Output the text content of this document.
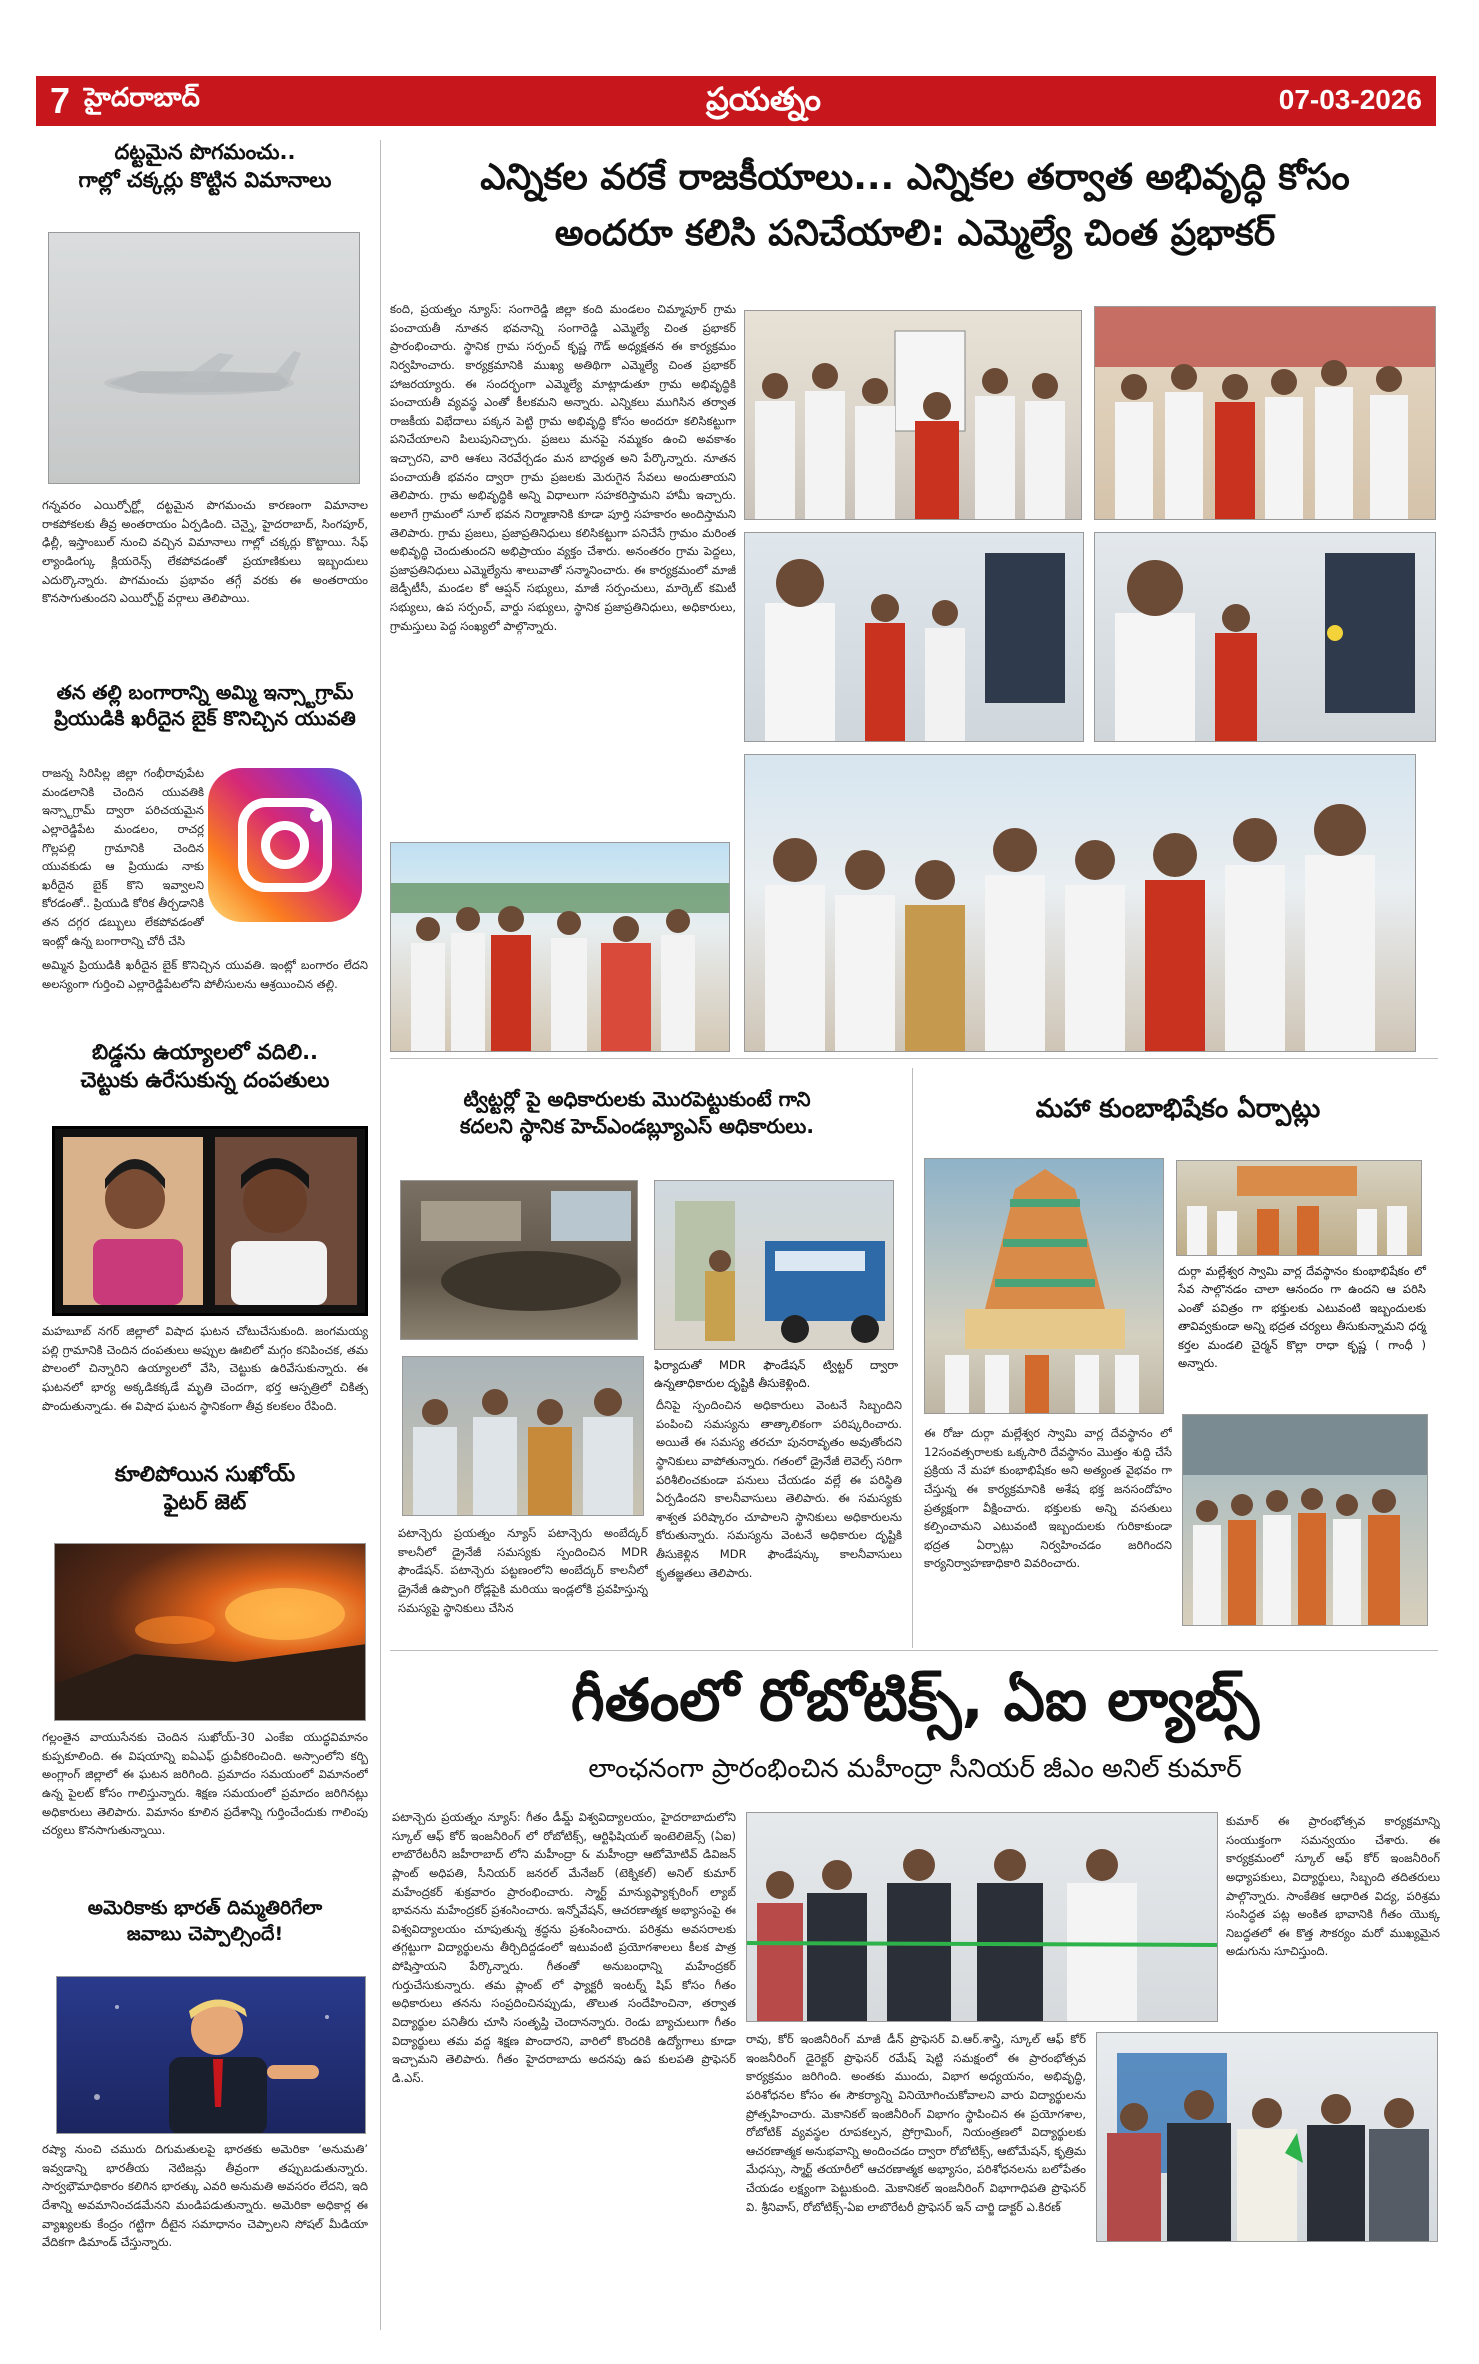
7 హైదరాబాద్	ప్రయత్నం	07-03-2026
దట్టమైన పొగమంచు..
గాల్లో చక్కర్లు కొట్టిన విమానాలు
గన్నవరం ఎయిర్పోర్ట్లో దట్టమైన పొగమంచు కారణంగా విమానాల రాకపోకలకు తీవ్ర అంతరాయం ఏర్పడింది. చెన్నై, హైదరాబాద్, సింగపూర్, ఢిల్లీ, ఇస్తాంబుల్ నుంచి వచ్చిన విమానాలు గాల్లో చక్కర్లు కొట్టాయి. సేఫ్ ల్యాండింగ్కు క్లియరెన్స్ లేకపోవడంతో ప్రయాణికులు ఇబ్బందులు ఎదుర్కొన్నారు. పొగమంచు ప్రభావం తగ్గే వరకు ఈ అంతరాయం కొనసాగుతుందని ఎయిర్పోర్ట్ వర్గాలు తెలిపాయి.
తన తల్లి బంగారాన్ని అమ్మి ఇన్స్టాగ్రామ్
ప్రియుడికి ఖరీదైన బైక్ కొనిచ్చిన యువతి
రాజన్న సిరిసిల్ల జిల్లా గంభీరావుపేట మండలానికి చెందిన యువతికి ఇన్స్టాగ్రామ్ ద్వారా పరిచయమైన ఎల్లారెడ్డిపేట మండలం, రాచర్ల గొల్లపల్లి గ్రామానికి చెందిన యువకుడు ఆ ప్రియుడు నాకు ఖరీదైన బైక్ కొని ఇవ్వాలని కోరడంతో.. ప్రియుడి కోరిక తీర్చడానికి తన దగ్గర డబ్బులు లేకపోవడంతో ఇంట్లో ఉన్న బంగారాన్ని చోరీ చేసి
అమ్మిన ప్రియుడికి ఖరీదైన బైక్ కొనిచ్చిన యువతి. ఇంట్లో బంగారం లేదని అలస్యంగా గుర్తించి ఎల్లారెడ్డిపేటలోని పోలీసులను ఆశ్రయించిన తల్లి.
బిడ్డను ఉయ్యాలలో వదిలి..
చెట్టుకు ఉరేసుకున్న దంపతులు
మహబూబ్ నగర్ జిల్లాలో విషాద ఘటన చోటుచేసుకుంది. జంగమయ్య పల్లి గ్రామానికి చెందిన దంపతులు అప్పుల ఊబిలో మగ్గం కనిపించక, తమ పొలంలో చిన్నారిని ఉయ్యాలలో వేసి, చెట్టుకు ఉరివేసుకున్నారు. ఈ ఘటనలో భార్య అక్కడికక్కడే మృతి చెందగా, భర్త ఆస్పత్రిలో చికిత్స పొందుతున్నాడు. ఈ విషాద ఘటన స్థానికంగా తీవ్ర కలకలం రేపింది.
కూలిపోయిన సుఖోయ్
ఫైటర్ జెట్
గల్లంతైన వాయుసేనకు చెందిన సుఖోయ్-30 ఎంకేఐ యుద్ధవిమానం కుప్పకూలింది. ఈ విషయాన్ని ఐఏఎఫ్ ధ్రువీకరించింది. అస్సాంలోని కర్బి అంగ్లాంగ్ జిల్లాలో ఈ ఘటన జరిగింది. ప్రమాదం సమయంలో విమానంలో ఉన్న పైలట్ కోసం గాలిస్తున్నారు. శిక్షణ సమయంలో ప్రమాదం జరిగినట్లు అధికారులు తెలిపారు. విమానం కూలిన ప్రదేశాన్ని గుర్తించేందుకు గాలింపు చర్యలు కొనసాగుతున్నాయి.
అమెరికాకు భారత్ దిమ్మతిరిగేలా
జవాబు చెప్పాల్సిందే!
రష్యా నుంచి చమురు దిగుమతులపై భారతకు అమెరికా ‘అనుమతి’ ఇవ్వడాన్ని భారతీయ నెటిజన్లు తీవ్రంగా తప్పుబడుతున్నారు. సార్వభౌమాధికారం కలిగిన భారత్కు ఎవరి అనుమతి అవసరం లేదని, ఇది దేశాన్ని అవమానించడమేనని మండిపడుతున్నారు. అమెరికా అధికార్ల ఈ వ్యాఖ్యలకు కేంద్రం గట్టిగా దీటైన సమాధానం చెప్పాలని సోషల్ మీడియా వేదికగా డిమాండ్ చేస్తున్నారు.
ఎన్నికల వరకే రాజకీయాలు... ఎన్నికల తర్వాత అభివృద్ధి కోసం
అందరూ కలిసి పనిచేయాలి: ఎమ్మెల్యే చింత ప్రభాకర్
కంది, ప్రయత్నం న్యూస్: సంగారెడ్డి జిల్లా కంది మండలం చిమ్మాపూర్ గ్రామ పంచాయతీ నూతన భవనాన్ని సంగారెడ్డి ఎమ్మెల్యే చింత ప్రభాకర్ ప్రారంభించారు. స్థానిక గ్రామ సర్పంచ్ కృష్ణ గౌడ్ అధ్యక్షతన ఈ కార్యక్రమం నిర్వహించారు. కార్యక్రమానికి ముఖ్య అతిథిగా ఎమ్మెల్యే చింత ప్రభాకర్ హాజరయ్యారు. ఈ సందర్భంగా ఎమ్మెల్యే మాట్లాడుతూ గ్రామ అభివృద్ధికి పంచాయతీ వ్యవస్థ ఎంతో కీలకమని అన్నారు. ఎన్నికలు ముగిసిన తర్వాత రాజకీయ విభేదాలు పక్కన పెట్టి గ్రామ అభివృద్ధి కోసం అందరూ కలిసికట్టుగా పనిచేయాలని పిలుపునిచ్చారు. ప్రజలు మనపై నమ్మకం ఉంచి అవకాశం ఇచ్చారని, వారి ఆశలు నెరవేర్చడం మన బాధ్యత అని పేర్కొన్నారు. నూతన పంచాయతీ భవనం ద్వారా గ్రామ ప్రజలకు మెరుగైన సేవలు అందుతాయని తెలిపారు. గ్రామ అభివృద్ధికి అన్ని విధాలుగా సహకరిస్తామని హామీ ఇచ్చారు. అలాగే గ్రామంలో సూల్ భవన నిర్మాణానికి కూడా పూర్తి సహకారం అందిస్తామని తెలిపారు. గ్రామ ప్రజలు, ప్రజాప్రతినిధులు కలిసికట్టుగా పనిచేసే గ్రామం మరింత అభివృద్ధి చెందుతుందని అభిప్రాయం వ్యక్తం చేశారు. అనంతరం గ్రామ పెద్దలు, ప్రజాప్రతినిధులు ఎమ్మెల్యేను శాలువాతో సన్మానించారు. ఈ కార్యక్రమంలో మాజీ జెడ్పీటీసీ, మండల కో ఆప్షన్ సభ్యులు, మాజీ సర్పంచులు, మార్కెట్ కమిటీ సభ్యులు, ఉప సర్పంచ్, వార్డు సభ్యులు, స్థానిక ప్రజాప్రతినిధులు, అధికారులు, గ్రామస్తులు పెద్ద సంఖ్యలో పాల్గొన్నారు.
ట్విట్టర్లో పై అధికారులకు మొరపెట్టుకుంటే గాని
కదలని స్థానిక హెచ్ఎండబ్ల్యూఎస్ అధికారులు.
ఫిర్యాదుతో MDR ఫౌండేషన్ ట్విట్టర్ ద్వారా ఉన్నతాధికారుల దృష్టికి తీసుకెళ్లింది.
పటాన్చెరు ప్రయత్నం న్యూస్ పటాన్చెరు అంబేద్కర్ కాలనీలో డ్రైనేజీ సమస్యకు స్పందించిన MDR ఫౌండేషన్. పటాన్చెరు పట్టణంలోని అంబేద్కర్ కాలనీలో డ్రైనేజీ ఉప్పొంగి రోడ్లపైకి మరియు ఇండ్లలోకి ప్రవహిస్తున్న సమస్యపై స్థానికులు చేసిన
దీనిపై స్పందించిన అధికారులు వెంటనే సిబ్బందిని పంపించి సమస్యను తాత్కాలికంగా పరిష్కరించారు. అయితే ఈ సమస్య తరచూ పునరావృతం అవుతోందని స్థానికులు వాపోతున్నారు. గతంలో డ్రైనేజీ లెవెల్స్ సరిగా పరిశీలించకుండా పనులు చేయడం వల్లే ఈ పరిస్థితి ఏర్పడిందని కాలనీవాసులు తెలిపారు. ఈ సమస్యకు శాశ్వత పరిష్కారం చూపాలని స్థానికులు అధికారులను కోరుతున్నారు. సమస్యను వెంటనే అధికారుల దృష్టికి తీసుకెళ్లిన MDR ఫౌండేషన్కు కాలనీవాసులు కృతజ్ఞతలు తెలిపారు.
మహా కుంబాభిషేకం ఏర్పాట్లు
దుర్గా మల్లేశ్వర స్వామి వార్ల దేవస్థానం కుంభాభిషేకం లో సేవ సాల్గొనడం చాలా ఆనందం గా ఉందని ఆ పరిసి ఎంతో పవిత్రం గా భక్తులకు ఎటువంటి ఇబ్బందులకు తావివ్వకుండా అన్ని భద్రత చర్యలు తీసుకున్నామని ధర్మ కర్తల మండలి చైర్మన్ కొల్లా రాధా కృష్ణ ( గాంధీ ) అన్నారు.
ఈ రోజు దుర్గా మల్లేశ్వర స్వామి వార్ల దేవస్థానం లో 12సంవత్సరాలకు ఒక్కసారి దేవస్థానం మొత్తం శుద్ది చేసే ప్రక్రియ నే మహా కుంభాభిషేకం అని అత్యంత వైభవం గా చేస్తున్న ఈ కార్యక్రమానికి అశేష భక్త జనసందోహం ప్రత్యక్షంగా వీక్షించారు. భక్తులకు అన్ని వసతులు కల్పించామని ఎటువంటి ఇబ్బందులకు గురికాకుండా భద్రత ఏర్పాట్లు నిర్వహించడం జరిగిందని కార్యనిర్వాహణాధికారి వివరించారు.
గీతంలో రోబోటిక్స్, ఏఐ ల్యాబ్స్
లాంఛనంగా ప్రారంభించిన మహీంద్రా సీనియర్ జీఎం అనిల్ కుమార్
పటాన్చెరు ప్రయత్నం న్యూస్: గీతం డీమ్డ్ విశ్వవిద్యాలయం, హైదరాబాదులోని స్కూల్ ఆఫ్ కోర్ ఇంజనీరింగ్ లో రోబోటిక్స్, ఆర్టిఫిషియల్ ఇంటెలిజెన్స్ (ఏఐ) లాబొరేటరీని జహీరాబాద్ లోని మహీంద్రా & మహీంద్రా ఆటోమోటివ్ డివిజన్ ప్లాంట్ అధిపతి, సీనియర్ జనరల్ మేనేజర్ (టెక్నికల్) అనిల్ కుమార్ మహేంద్రకర్ శుక్రవారం ప్రారంభించారు. స్మార్ట్ మాన్యుఫ్యాక్చరింగ్ ల్యాబ్ భావనను మహేంద్రకర్ ప్రశంసించారు. ఇన్నోవేషన్, ఆచరణాత్మక అభ్యాసంపై ఈ విశ్వవిద్యాలయం చూపుతున్న శ్రద్ధను ప్రశంసించారు. పరిశ్రమ అవసరాలకు తగ్గట్టుగా విద్యార్థులను తీర్చిదిద్దడంలో ఇటువంటి ప్రయోగశాలలు కీలక పాత్ర పోషిస్తాయని పేర్కొన్నారు. గీతంతో అనుబంధాన్ని మహేంద్రకర్ గుర్తుచేసుకున్నారు. తమ ప్లాంట్ లో ఫ్యాక్టరీ ఇంటర్న్ షిప్ కోసం గీతం అధికారులు తనను సంప్రదించినప్పుడు, తొలుత సందేహించినా, తర్వాత విద్యార్థుల పనితీరు చూసి సంతృప్తి చెందానన్నారు. రెండు బ్యాచులుగా గీతం విద్యార్థులు తమ వద్ద శిక్షణ పొందారని, వారిలో కొందరికి ఉద్యోగాలు కూడా ఇచ్చామని తెలిపారు. గీతం హైదరాబాదు అదనపు ఉప కులపతి ప్రొఫెసర్ డి.ఎస్.
కుమార్ ఈ ప్రారంభోత్సవ కార్యక్రమాన్ని సంయుక్తంగా సమన్వయం చేశారు. ఈ కార్యక్రమంలో స్కూల్ ఆఫ్ కోర్ ఇంజనీరింగ్ అధ్యాపకులు, విద్యార్థులు, సిబ్బంది తదితరులు పాల్గొన్నారు. సాంకేతిక ఆధారిత విద్య, పరిశ్రమ సంసిద్ధత పట్ల అంకిత భావానికి గీతం యొక్క నిబద్ధతలో ఈ కొత్త సౌకర్యం మరో ముఖ్యమైన అడుగును సూచిస్తుంది.
రావు, కోర్ ఇంజినీరింగ్ మాజీ డీన్ ప్రొఫెసర్ వి.ఆర్.శాస్త్రి, స్కూల్ ఆఫ్ కోర్ ఇంజనీరింగ్ డైరెక్టర్ ప్రొఫెసర్ రమేష్ షెట్టి సమక్షంలో ఈ ప్రారంభోత్సవ కార్యక్రమం జరిగింది. అంతకు ముందు, విభాగ అధ్యయనం, అభివృద్ధి, పరిశోధనల కోసం ఈ సౌకర్యాన్ని వినియోగించుకోవాలని వారు విద్యార్థులను ప్రోత్సహించారు. మెకానికల్ ఇంజినీరింగ్ విభాగం స్థాపించిన ఈ ప్రయోగశాల, రోబోటిక్ వ్యవస్థల రూపకల్పన, ప్రోగ్రామింగ్, నియంత్రణలో విద్యార్థులకు ఆచరణాత్మక అనుభవాన్ని అందించడం ద్వారా రోబోటిక్స్, ఆటోమేషన్, కృత్రిమ మేధస్సు, స్మార్ట్ తయారీలో ఆచరణాత్మక అభ్యాసం, పరిశోధనలను బలోపేతం చేయడం లక్ష్యంగా పెట్టుకుంది. మెకానికల్ ఇంజనీరింగ్ విభాగాధిపతి ప్రొఫెసర్ వి. శ్రీనివాస్, రోబోటిక్స్-ఏఐ లాబొరేటరీ ప్రొఫెసర్ ఇన్ చార్జి డాక్టర్ ఎ.కిరణ్
